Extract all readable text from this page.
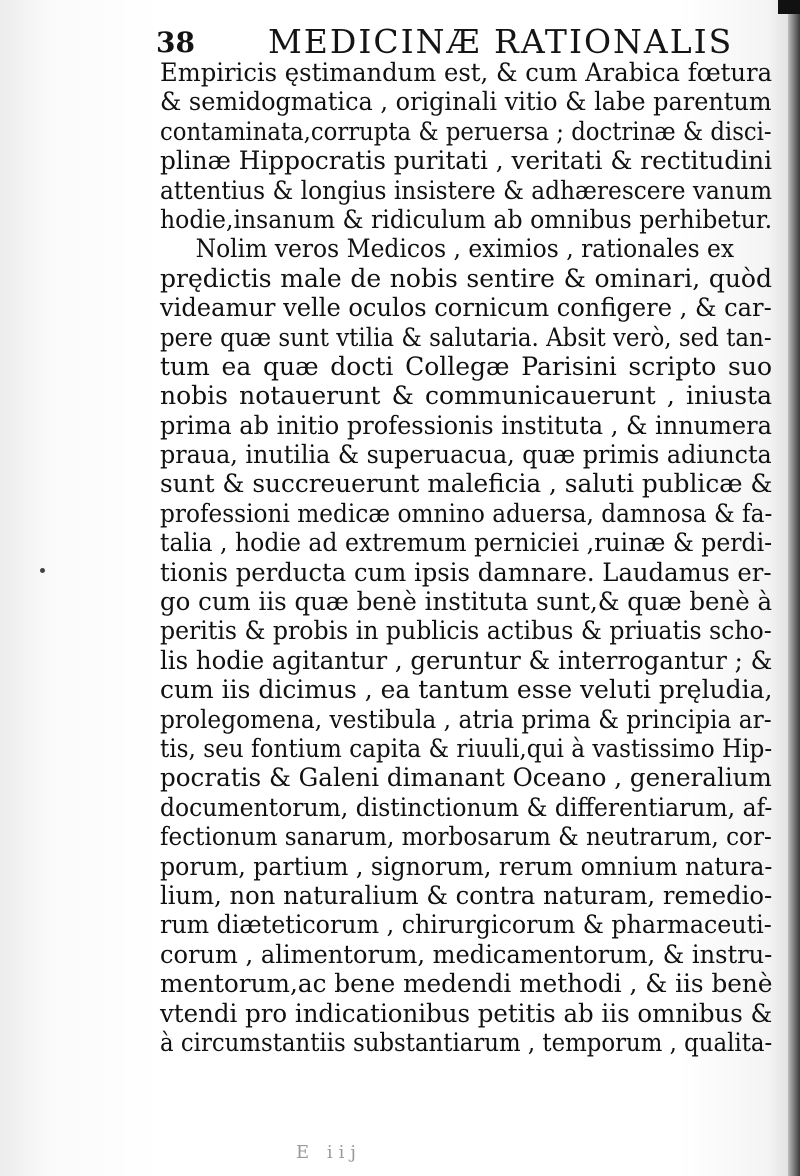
38 MEDICINÆ RATIONALIS
Empiricis ęstimandum est, & cum Arabica fœtura
& semidogmatica , originali vitio & labe parentum
contaminata,corrupta & peruersa ; doctrinæ & disci-
plinæ Hippocratis puritati , veritati & rectitudini
attentius & longius insistere & adhærescere vanum
hodie,insanum & ridiculum ab omnibus perhibetur.
Nolim veros Medicos , eximios , rationales ex
prędictis male de nobis sentire & ominari, quòd
videamur velle oculos cornicum configere , & car-
pere quæ sunt vtilia & salutaria. Absit verò, sed tan-
tum ea quæ docti Collegæ Parisini scripto suo
nobis notauerunt & communicauerunt , iniusta
prima ab initio professionis instituta , & innumera
praua, inutilia & superuacua, quæ primis adiuncta
sunt & succreuerunt maleficia , saluti publicæ &
professioni medicæ omnino aduersa, damnosa & fa-
talia , hodie ad extremum perniciei ,ruinæ & perdi-
tionis perducta cum ipsis damnare. Laudamus er-
go cum iis quæ benè instituta sunt,& quæ benè à
peritis & probis in publicis actibus & priuatis scho-
lis hodie agitantur , geruntur & interrogantur ; &
cum iis dicimus , ea tantum esse veluti pręludia,
prolegomena, vestibula , atria prima & principia ar-
tis, seu fontium capita & riuuli,qui à vastissimo Hip-
pocratis & Galeni dimanant Oceano , generalium
documentorum, distinctionum & differentiarum, af-
fectionum sanarum, morbosarum & neutrarum, cor-
porum, partium , signorum, rerum omnium natura-
lium, non naturalium & contra naturam, remedio-
rum diæteticorum , chirurgicorum & pharmaceuti-
corum , alimentorum, medicamentorum, & instru-
mentorum,ac bene medendi methodi , & iis benè
vtendi pro indicationibus petitis ab iis omnibus &
à circumstantiis substantiarum , temporum , qualita-
E iij
